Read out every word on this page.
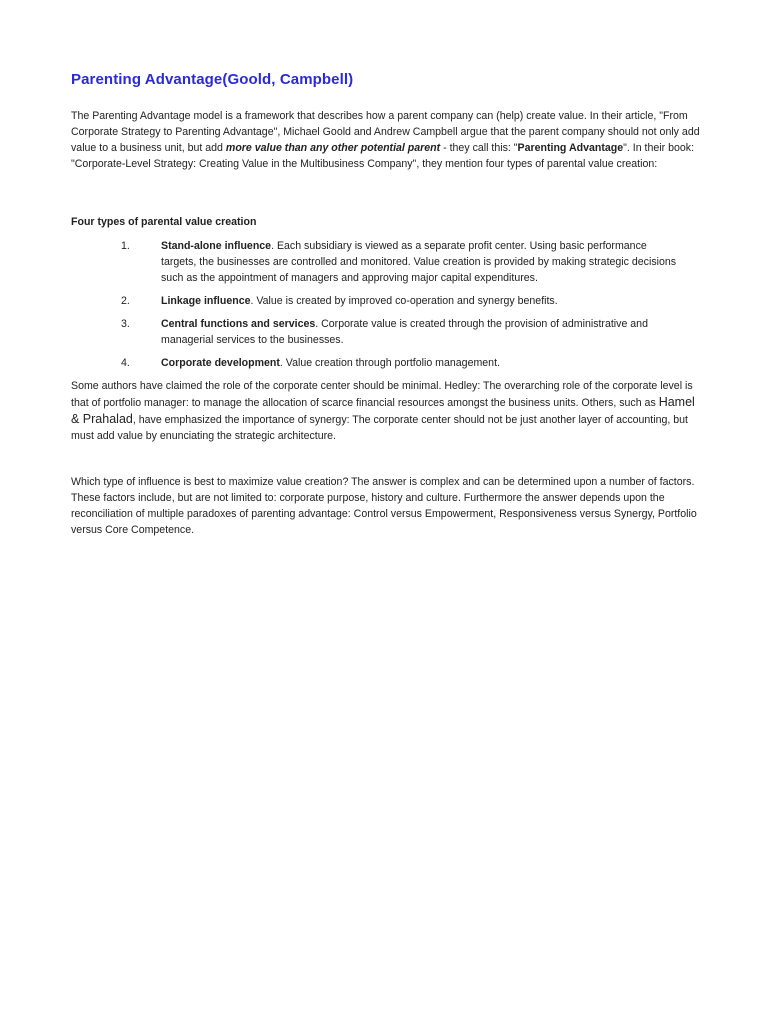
Parenting Advantage(Goold, Campbell)

The Parenting Advantage model is a framework that describes how a parent company can (help) create value. In their article, "From Corporate Strategy to Parenting Advantage", Michael Goold and Andrew Campbell argue that the parent company should not only add value to a business unit, but add more value than any other potential parent - they call this: "Parenting Advantage". In their book: "Corporate-Level Strategy: Creating Value in the Multibusiness Company", they mention four types of parental value creation:

Four types of parental value creation
1.	Stand-alone influence. Each subsidiary is viewed as a separate profit center. Using basic performance targets, the businesses are controlled and monitored. Value creation is provided by making strategic decisions such as the appointment of managers and approving major capital expenditures.
2.	Linkage influence. Value is created by improved co-operation and synergy benefits.
3.	Central functions and services. Corporate value is created through the provision of administrative and managerial services to the businesses.
4.	Corporate development. Value creation through portfolio management.

Some authors have claimed the role of the corporate center should be minimal. Hedley: The overarching role of the corporate level is that of portfolio manager: to manage the allocation of scarce financial resources amongst the business units. Others, such as Hamel & Prahalad, have emphasized the importance of synergy: The corporate center should not be just another layer of accounting, but must add value by enunciating the strategic architecture.

Which type of influence is best to maximize value creation? The answer is complex and can be determined upon a number of factors. These factors include, but are not limited to: corporate purpose, history and culture. Furthermore the answer depends upon the reconciliation of multiple paradoxes of parenting advantage: Control versus Empowerment, Responsiveness versus Synergy, Portfolio versus Core Competence.
